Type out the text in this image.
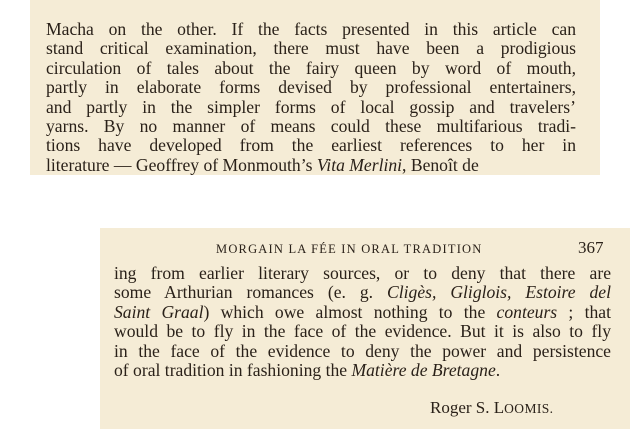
Macha on the other. If the facts presented in this article can
stand critical examination, there must have been a prodigious
circulation of tales about the fairy queen by word of mouth,
partly in elaborate forms devised by professional entertainers,
and partly in the simpler forms of local gossip and travelers’
yarns. By no manner of means could these multifarious tradi-
tions have developed from the earliest references to her in
literature — Geoffrey of Monmouth’s Vita Merlini, Benoît de
MORGAIN LA FÉE IN ORAL TRADITION	367
ing from earlier literary sources, or to deny that there are
some Arthurian romances (e. g. Cligès, Gliglois, Estoire del
Saint Graal) which owe almost nothing to the conteurs ; that
would be to fly in the face of the evidence. But it is also to fly
in the face of the evidence to deny the power and persistence
of oral tradition in fashioning the Matière de Bretagne.
Roger S. LOOMIS.
